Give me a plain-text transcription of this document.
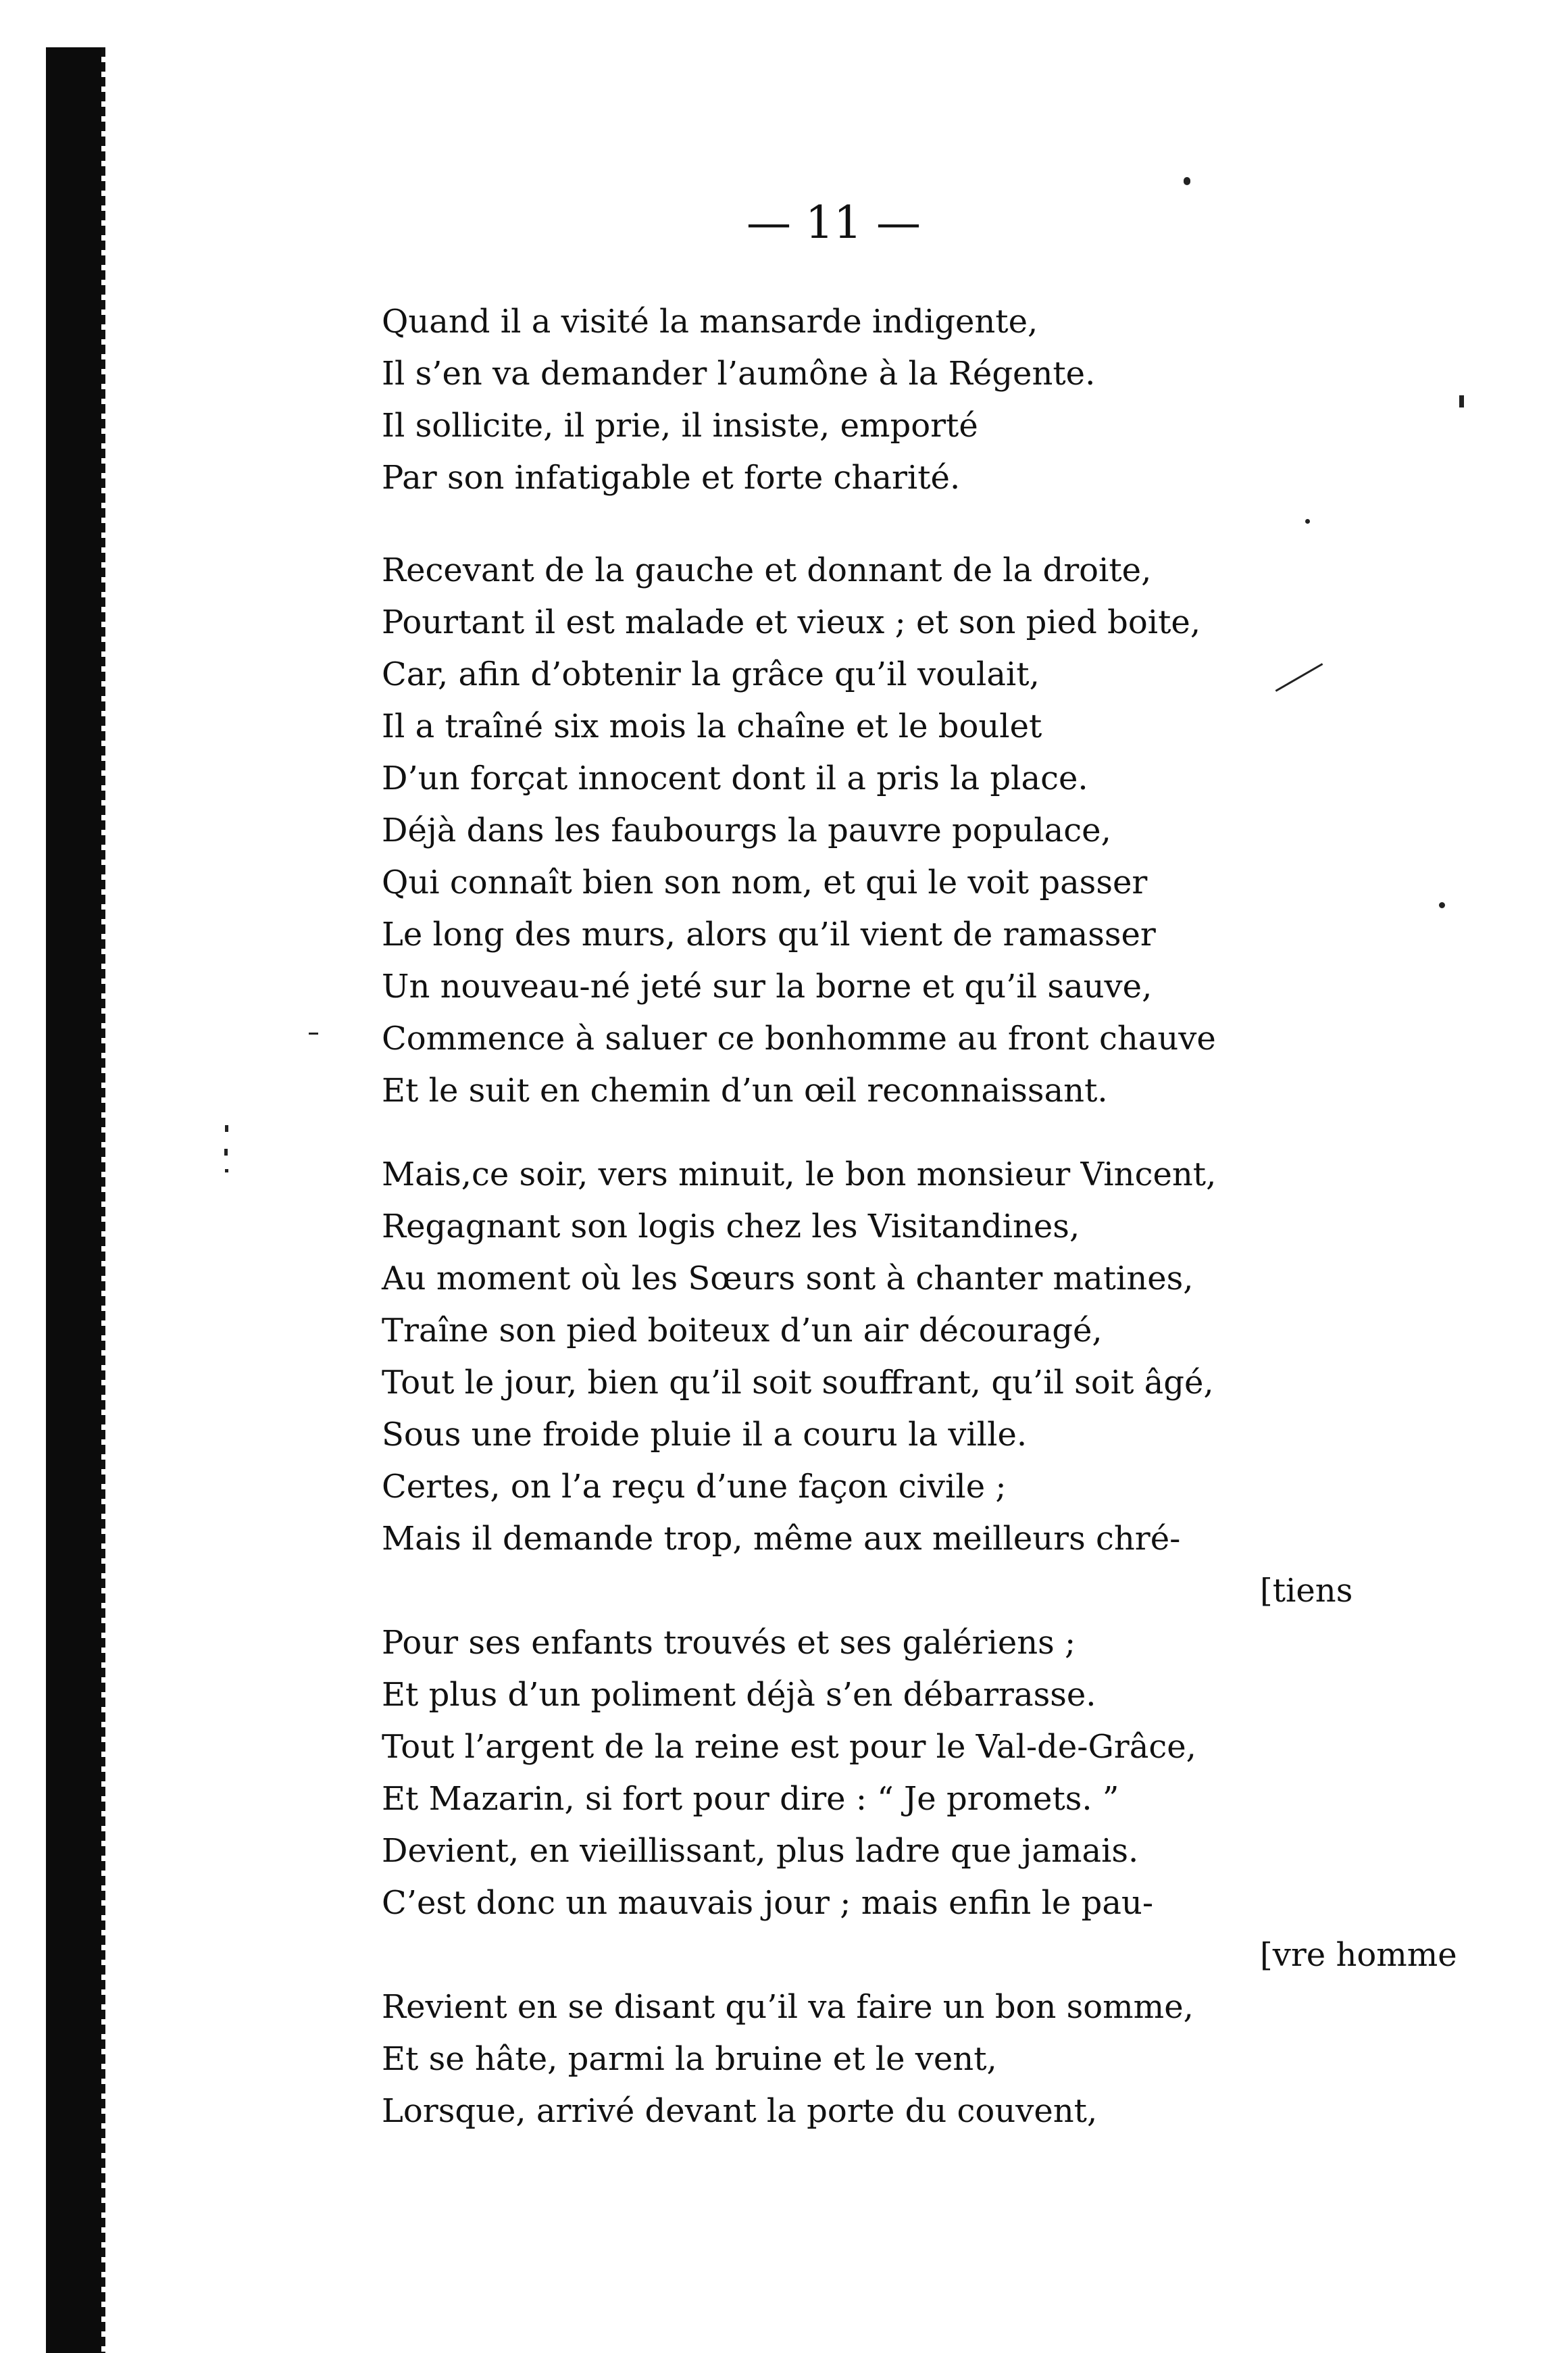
— 11 —
Quand il a visité la mansarde indigente,
Il s’en va demander l’aumône à la Régente.
Il sollicite, il prie, il insiste, emporté
Par son infatigable et forte charité.
Recevant de la gauche et donnant de la droite,
Pourtant il est malade et vieux ; et son pied boite,
Car, afin d’obtenir la grâce qu’il voulait,
Il a traîné six mois la chaîne et le boulet
D’un forçat innocent dont il a pris la place.
Déjà dans les faubourgs la pauvre populace,
Qui connaît bien son nom, et qui le voit passer
Le long des murs, alors qu’il vient de ramasser
Un nouveau-né jeté sur la borne et qu’il sauve,
Commence à saluer ce bonhomme au front chauve
Et le suit en chemin d’un œil reconnaissant.
Mais,ce soir, vers minuit, le bon monsieur Vincent,
Regagnant son logis chez les Visitandines,
Au moment où les Sœurs sont à chanter matines,
Traîne son pied boiteux d’un air découragé,
Tout le jour, bien qu’il soit souffrant, qu’il soit âgé,
Sous une froide pluie il a couru la ville.
Certes, on l’a reçu d’une façon civile ;
Mais il demande trop, même aux meilleurs chré-
[tiens
Pour ses enfants trouvés et ses galériens ;
Et plus d’un poliment déjà s’en débarrasse.
Tout l’argent de la reine est pour le Val-de-Grâce,
Et Mazarin, si fort pour dire : “ Je promets. ”
Devient, en vieillissant, plus ladre que jamais.
C’est donc un mauvais jour ; mais enfin le pau-
[vre homme
Revient en se disant qu’il va faire un bon somme,
Et se hâte, parmi la bruine et le vent,
Lorsque, arrivé devant la porte du couvent,
